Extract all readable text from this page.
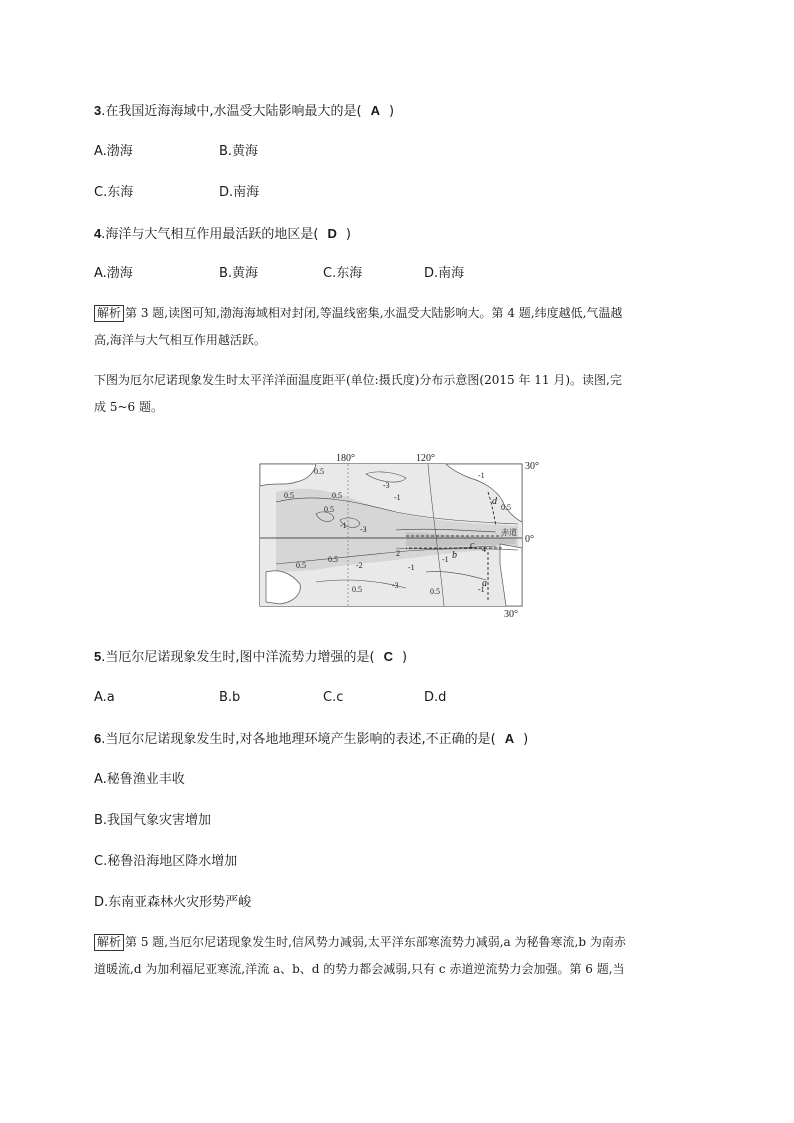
3.在我国近海海域中,水温受大陆影响最大的是( A )
A.渤海	B.黄海
C.东海	D.南海
4.海洋与大气相互作用最活跃的地区是( D )
A.渤海	B.黄海	C.东海	D.南海
解析 第 3 题,读图可知,渤海海域相对封闭,等温线密集,水温受大陆影响大。第 4 题,纬度越低,气温越
高,海洋与大气相互作用越活跃。
下图为厄尔尼诺现象发生时太平洋洋面温度距平(单位:摄氏度)分布示意图(2015 年 11 月)。读图,完
成 5~6 题。
180°	120°
30°
0°
30°
赤道
0.5
0.5
-3
-1
0.5
-1 -3
-1
0.5
0.5
0.5
-2	-1
0.5
2	4
-3
-1
0.5	0.5	-1
a
b
c
d
5.当厄尔尼诺现象发生时,图中洋流势力增强的是( C )
A.a	B.b	C.c	D.d
6.当厄尔尼诺现象发生时,对各地地理环境产生影响的表述,不正确的是( A )
A.秘鲁渔业丰收
B.我国气象灾害增加
C.秘鲁沿海地区降水增加
D.东南亚森林火灾形势严峻
解析 第 5 题,当厄尔尼诺现象发生时,信风势力减弱,太平洋东部寒流势力减弱,a 为秘鲁寒流,b 为南赤
道暖流,d 为加利福尼亚寒流,洋流 a、b、d 的势力都会减弱,只有 c 赤道逆流势力会加强。第 6 题,当
